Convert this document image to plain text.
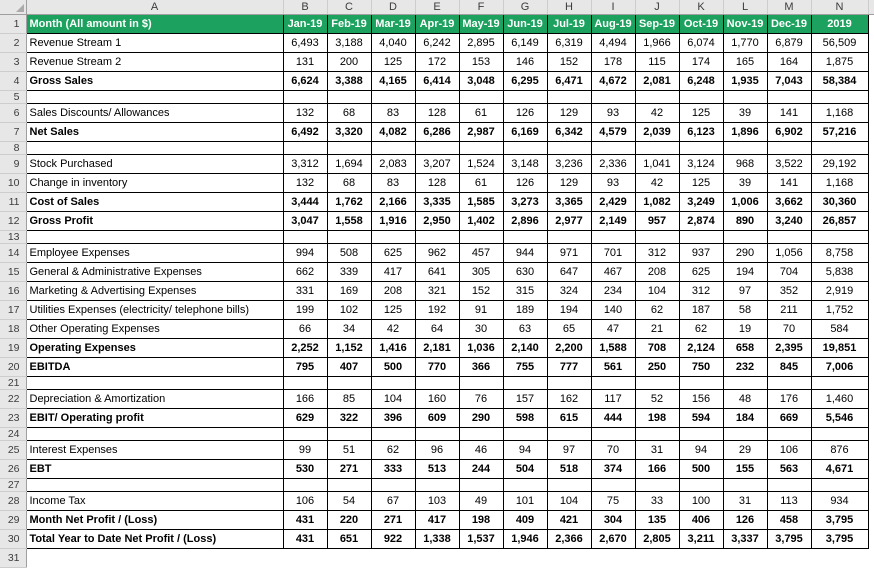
	A	B	C	D	E	F	G	H	I	J	K	L	M	N	
1	Month (All amount in $)	Jan-19	Feb-19	Mar-19	Apr-19	May-19	Jun-19	Jul-19	Aug-19	Sep-19	Oct-19	Nov-19	Dec-19	2019	
2	Revenue Stream 1	6,493	3,188	4,040	6,242	2,895	6,149	6,319	4,494	1,966	6,074	1,770	6,879	56,509	
3	Revenue Stream 2	131	200	125	172	153	146	152	178	115	174	165	164	1,875	
4	Gross Sales	6,624	3,388	4,165	6,414	3,048	6,295	6,471	4,672	2,081	6,248	1,935	7,043	58,384	
5															
6	Sales Discounts/ Allowances	132	68	83	128	61	126	129	93	42	125	39	141	1,168	
7	Net Sales	6,492	3,320	4,082	6,286	2,987	6,169	6,342	4,579	2,039	6,123	1,896	6,902	57,216	
8															
9	Stock Purchased	3,312	1,694	2,083	3,207	1,524	3,148	3,236	2,336	1,041	3,124	968	3,522	29,192	
10	Change in inventory	132	68	83	128	61	126	129	93	42	125	39	141	1,168	
11	Cost of Sales	3,444	1,762	2,166	3,335	1,585	3,273	3,365	2,429	1,082	3,249	1,006	3,662	30,360	
12	Gross Profit	3,047	1,558	1,916	2,950	1,402	2,896	2,977	2,149	957	2,874	890	3,240	26,857	
13															
14	Employee Expenses	994	508	625	962	457	944	971	701	312	937	290	1,056	8,758	
15	General & Administrative Expenses	662	339	417	641	305	630	647	467	208	625	194	704	5,838	
16	Marketing & Advertising Expenses	331	169	208	321	152	315	324	234	104	312	97	352	2,919	
17	Utilities Expenses (electricity/ telephone bills)	199	102	125	192	91	189	194	140	62	187	58	211	1,752	
18	Other Operating Expenses	66	34	42	64	30	63	65	47	21	62	19	70	584	
19	Operating Expenses	2,252	1,152	1,416	2,181	1,036	2,140	2,200	1,588	708	2,124	658	2,395	19,851	
20	EBITDA	795	407	500	770	366	755	777	561	250	750	232	845	7,006	
21															
22	Depreciation & Amortization	166	85	104	160	76	157	162	117	52	156	48	176	1,460	
23	EBIT/ Operating profit	629	322	396	609	290	598	615	444	198	594	184	669	5,546	
24															
25	Interest Expenses	99	51	62	96	46	94	97	70	31	94	29	106	876	
26	EBT	530	271	333	513	244	504	518	374	166	500	155	563	4,671	
27															
28	Income Tax	106	54	67	103	49	101	104	75	33	100	31	113	934	
29	Month Net Profit / (Loss)	431	220	271	417	198	409	421	304	135	406	126	458	3,795	
30	Total Year to Date Net Profit / (Loss)	431	651	922	1,338	1,537	1,946	2,366	2,670	2,805	3,211	3,337	3,795	3,795	
31															
